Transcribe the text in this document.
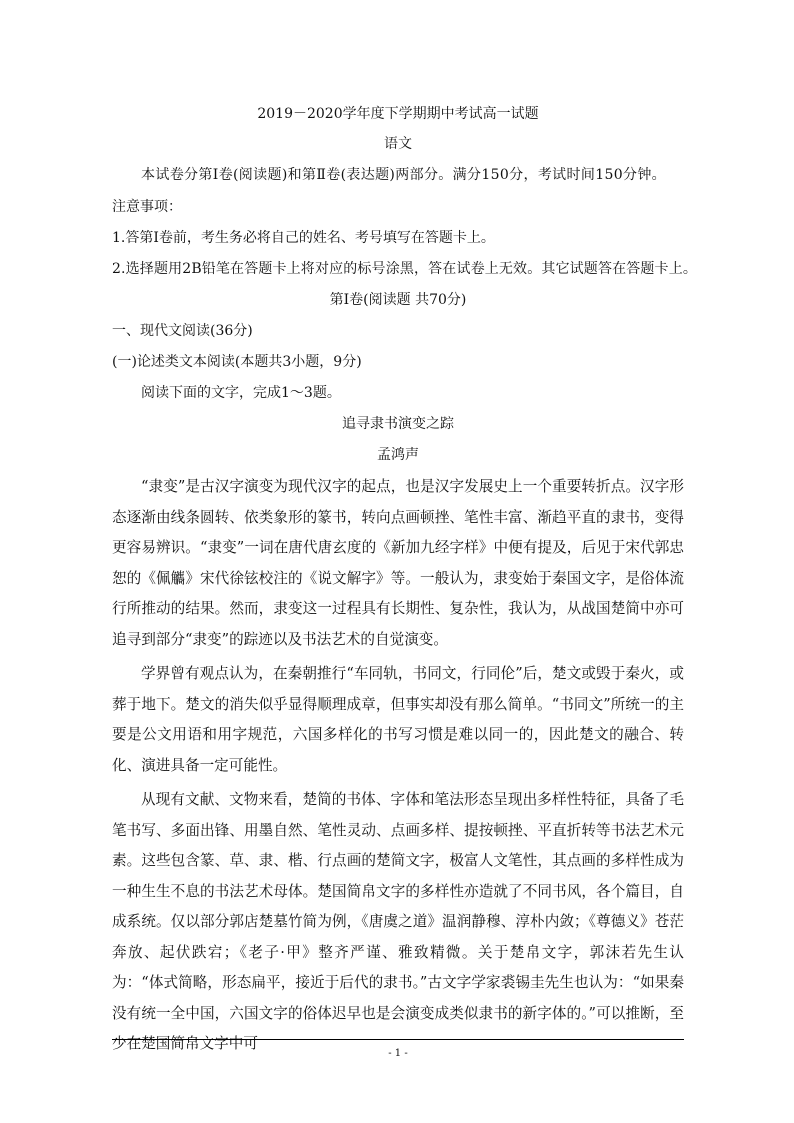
2019－2020学年度下学期期中考试高一试题
语文
本试卷分第Ⅰ卷(阅读题)和第Ⅱ卷(表达题)两部分。满分150分，考试时间150分钟。
注意事项：
1.答第Ⅰ卷前，考生务必将自己的姓名、考号填写在答题卡上。
2.选择题用2B铅笔在答题卡上将对应的标号涂黑，答在试卷上无效。其它试题答在答题卡上。
第Ⅰ卷(阅读题 共70分)
一、现代文阅读(36分)
(一)论述类文本阅读(本题共3小题，9分)
阅读下面的文字，完成1～3题。
追寻隶书演变之踪
孟鸿声
“隶变”是古汉字演变为现代汉字的起点，也是汉字发展史上一个重要转折点。汉字形态逐渐由线条圆转、依类象形的篆书，转向点画顿挫、笔性丰富、渐趋平直的隶书，变得更容易辨识。“隶变”一词在唐代唐玄度的《新加九经字样》中便有提及，后见于宋代郭忠恕的《佩觿》宋代徐铉校注的《说文解字》等。一般认为，隶变始于秦国文字，是俗体流行所推动的结果。然而，隶变这一过程具有长期性、复杂性，我认为，从战国楚简中亦可追寻到部分“隶变”的踪迹以及书法艺术的自觉演变。
学界曾有观点认为，在秦朝推行“车同轨，书同文，行同伦”后，楚文或毁于秦火，或葬于地下。楚文的消失似乎显得顺理成章，但事实却没有那么简单。“书同文”所统一的主要是公文用语和用字规范，六国多样化的书写习惯是难以同一的，因此楚文的融合、转化、演进具备一定可能性。
从现有文献、文物来看，楚简的书体、字体和笔法形态呈现出多样性特征，具备了毛笔书写、多面出锋、用墨自然、笔性灵动、点画多样、提按顿挫、平直折转等书法艺术元素。这些包含篆、草、隶、楷、行点画的楚简文字，极富人文笔性，其点画的多样性成为一种生生不息的书法艺术母体。楚国简帛文字的多样性亦造就了不同书风，各个篇目，自成系统。仅以部分郭店楚墓竹简为例，《唐虞之道》温润静穆、淳朴内敛；《尊德义》苍茫奔放、起伏跌宕；《老子·甲》整齐严谨、雅致精微。关于楚帛文字，郭沫若先生认为：“体式简略，形态扁平，接近于后代的隶书。”古文字学家裘锡圭先生也认为：“如果秦没有统一全中国，六国文字的俗体迟早也是会演变成类似隶书的新字体的。”可以推断，至少在楚国简帛文字中可
- 1 -
